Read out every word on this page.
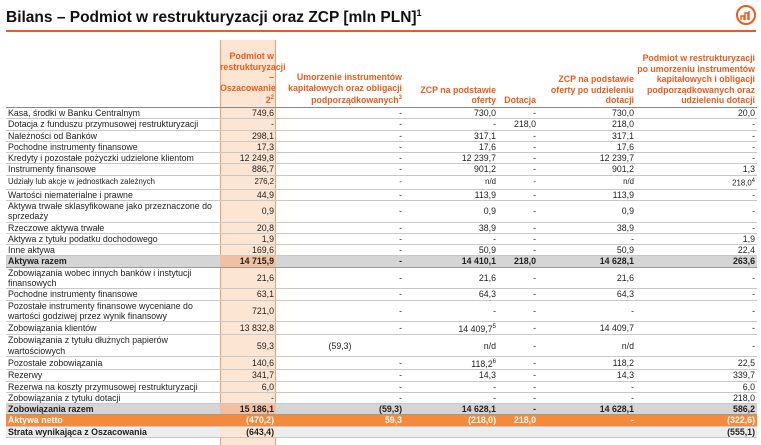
Bilans – Podmiot w restrukturyzacji oraz ZCP [mln PLN]$^1$
	Podmiot w restrukturyzacji – Oszacowanie $2^2$	Umorzenie instrumentów kapitałowych oraz obligacji podporządkowanych$^3$	ZCP na podstawie oferty	Dotacja	ZCP na podstawie oferty po udzieleniu dotacji	Podmiot w restrukturyzacji po umorzeniu instrumentów kapitałowych i obligacji podporządkowanych oraz udzieleniu dotacji
Kasa, środki w Banku Centralnym	749,6	-	730,0	-	730,0	20,0
Dotacja z funduszu przymusowej restrukturyzacji	-	-	-	218,0	218,0	-
Należności od Banków	298,1	-	317,1	-	317,1	-
Pochodne instrumenty finansowe	17,3	-	17,6	-	17,6	-
Kredyty i pozostałe pożyczki udzielone klientom	12 249,8	-	12 239,7	-	12 239,7	-
Instrumenty finansowe	886,7	-	901,2	-	901,2	1,3
Udziały lub akcje w jednostkach zależnych	276,2	-	n/d	-	n/d	218,0$^4$
Wartości niematerialne i prawne	44,9	-	113,9	-	113,9	-
Aktywa trwałe sklasyfikowane jako przeznaczone do sprzedaży	0,9	-	0,9	-	0,9	-
Rzeczowe aktywa trwałe	20,8	-	38,9	-	38,9	-
Aktywa z tytułu podatku dochodowego	1,9	-	-	-	-	1,9
Inne aktywa	169,6	-	50,9	-	50,9	22,4
Aktywa razem	14 715,9	-	14 410,1	218,0	14 628,1	263,6
Zobowiązania wobec innych banków i instytucji finansowych	21,6	-	21,6	-	21,6	-
Pochodne instrumenty finansowe	63,1	-	64,3	-	64,3	-
Pozostałe instrumenty finansowe wyceniane do wartości godziwej przez wynik finansowy	721,0	-	-	-	-	-
Zobowiązania klientów	13 832,8	-	14 409,7$^5$	-	14 409,7	-
Zobowiązania z tytułu dłużnych papierów wartościowych	59,3	(59,3)	n/d	-	n/d	-
Pozostałe zobowiązania	140,6	-	118,2$^6$	-	118,2	22,5
Rezerwy	341,7	-	14,3	-	14,3	339,7
Rezerwa na koszty przymusowej restrukturyzacji	6,0	-	-	-	-	6,0
Zobowiązania z tytułu dotacji	-	-	-	-	-	218,0
Zobowiązania razem	15 186,1	(59,3)	14 628,1	-	14 628,1	586,2
Aktywa netto	(470,2)	59,3	(218,0)	218,0	-	(322,6)
Strata wynikająca z Oszacowania	(643,4)					(555,1)
